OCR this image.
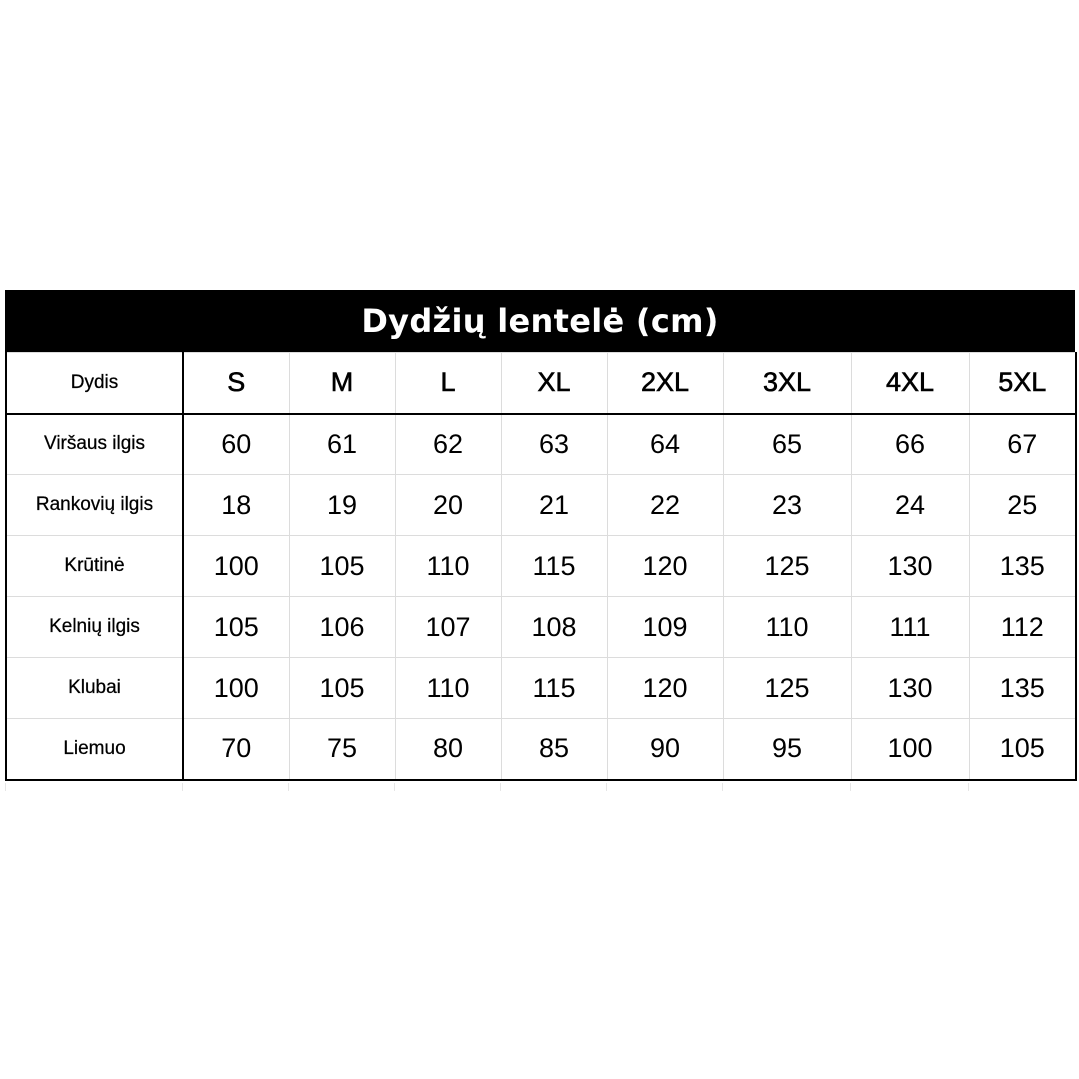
Dydžių lentelė (cm)
Dydis	S	M	L	XL	2XL	3XL	4XL	5XL
Viršaus ilgis	60	61	62	63	64	65	66	67
Rankovių ilgis	18	19	20	21	22	23	24	25
Krūtinė	100	105	110	115	120	125	130	135
Kelnių ilgis	105	106	107	108	109	110	111	112
Klubai	100	105	110	115	120	125	130	135
Liemuo	70	75	80	85	90	95	100	105
